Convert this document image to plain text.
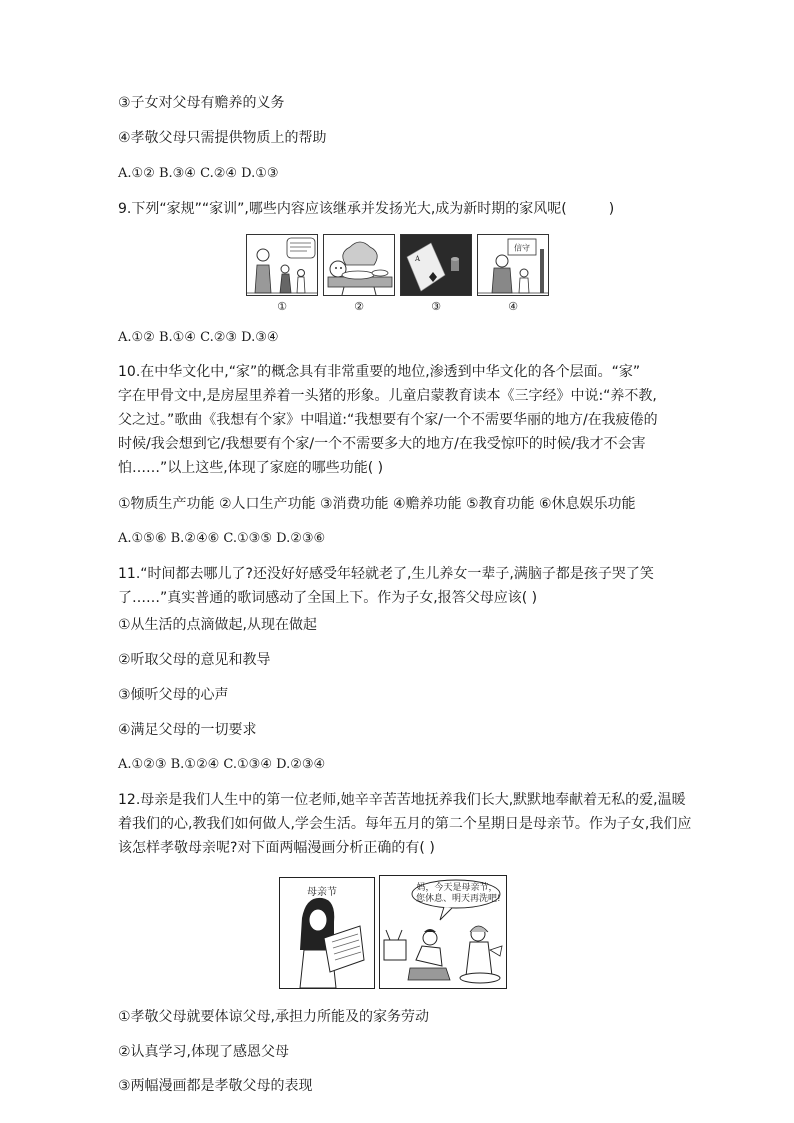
③子女对父母有赡养的义务
④孝敬父母只需提供物质上的帮助
A.①② B.③④ C.②④ D.①③
9.下列“家规”“家训”,哪些内容应该继承并发扬光大,成为新时期的家风呢(　　　)
①	②
A
③
信守
④
A.①② B.①④ C.②③ D.③④
10.在中华文化中,“家”的概念具有非常重要的地位,渗透到中华文化的各个层面。“家”
字在甲骨文中,是房屋里养着一头猪的形象。儿童启蒙教育读本《三字经》中说:“养不教,
父之过。”歌曲《我想有个家》中唱道:“我想要有个家/一个不需要华丽的地方/在我疲倦的
时候/我会想到它/我想要有个家/一个不需要多大的地方/在我受惊吓的时候/我才不会害
怕……”以上这些,体现了家庭的哪些功能( )
①物质生产功能 ②人口生产功能 ③消费功能 ④赡养功能 ⑤教育功能 ⑥休息娱乐功能
A.①⑤⑥ B.②④⑥ C.①③⑤ D.②③⑥
11.“时间都去哪儿了?还没好好感受年轻就老了,生儿养女一辈子,满脑子都是孩子哭了笑
了……”真实普通的歌词感动了全国上下。作为子女,报答父母应该( )
①从生活的点滴做起,从现在做起
②听取父母的意见和教导
③倾听父母的心声
④满足父母的一切要求
A.①②③ B.①②④ C.①③④ D.②③④
12.母亲是我们人生中的第一位老师,她辛辛苦苦地抚养我们长大,默默地奉献着无私的爱,温暖
着我们的心,教我们如何做人,学会生活。每年五月的第二个星期日是母亲节。作为子女,我们应
该怎样孝敬母亲呢?对下面两幅漫画分析正确的有( )
母亲节	妈，今天是母亲节，
您休息、明天再洗吧!
①孝敬父母就要体谅父母,承担力所能及的家务劳动
②认真学习,体现了感恩父母
③两幅漫画都是孝敬父母的表现
